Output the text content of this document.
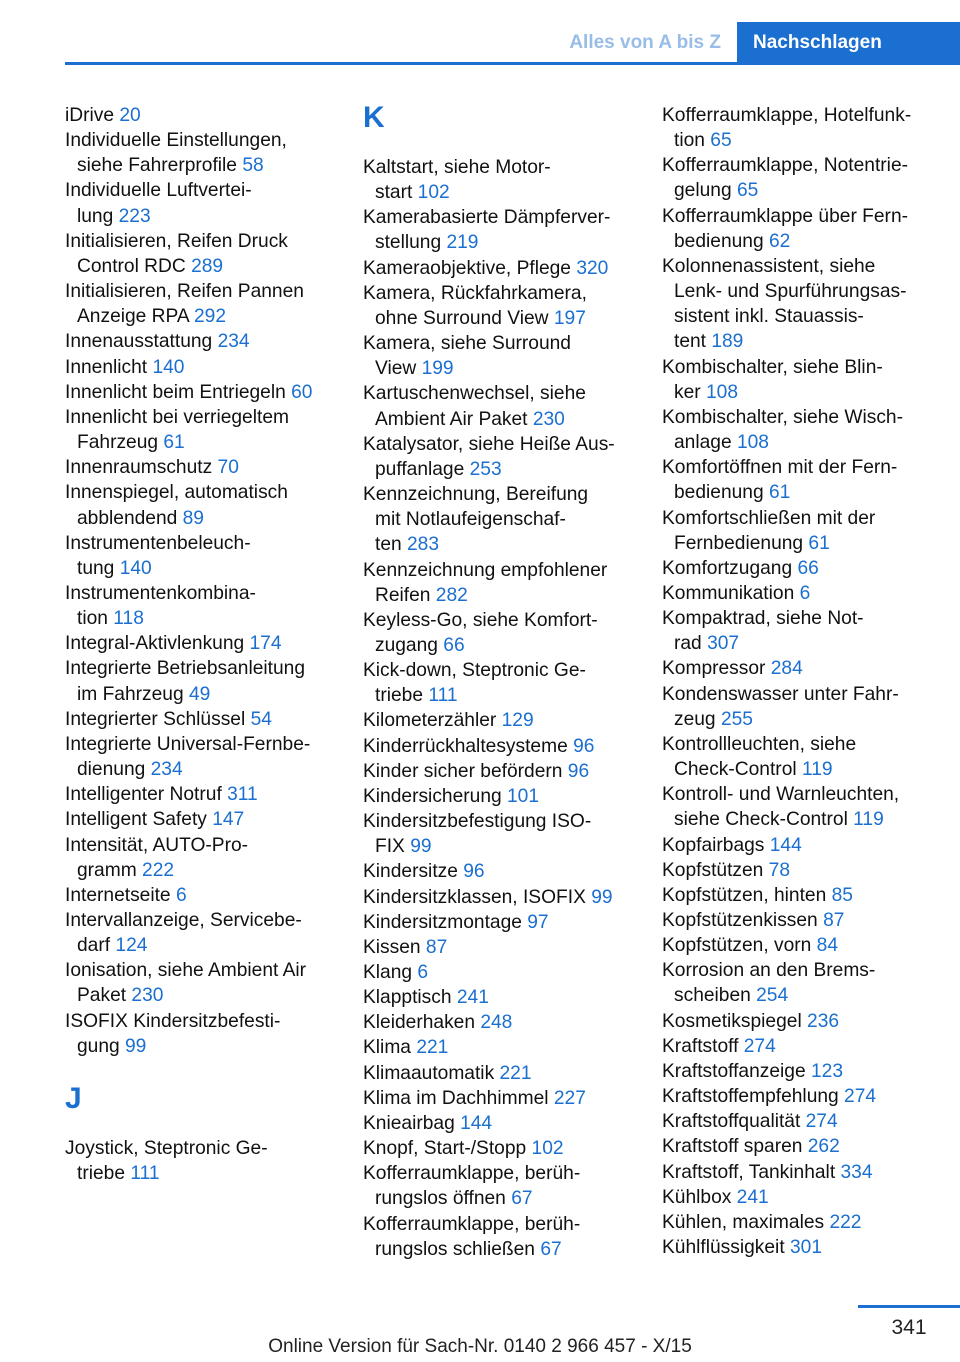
Alles von A bis Z	Nachschlagen
iDrive 20
Individuelle Einstellungen,
siehe Fahrerprofile 58
Individuelle Luftvertei-
lung 223
Initialisieren, Reifen Druck
Control RDC 289
Initialisieren, Reifen Pannen
Anzeige RPA 292
Innenausstattung 234
Innenlicht 140
Innenlicht beim Entriegeln 60
Innenlicht bei verriegeltem
Fahrzeug 61
Innenraumschutz 70
Innenspiegel, automatisch
abblendend 89
Instrumentenbeleuch-
tung 140
Instrumentenkombina-
tion 118
Integral-Aktivlenkung 174
Integrierte Betriebsanleitung
im Fahrzeug 49
Integrierter Schlüssel 54
Integrierte Universal-Fernbe-
dienung 234
Intelligenter Notruf 311
Intelligent Safety 147
Intensität, AUTO-Pro-
gramm 222
Internetseite 6
Intervallanzeige, Servicebe-
darf 124
Ionisation, siehe Ambient Air
Paket 230
ISOFIX Kindersitzbefesti-
gung 99
J
Joystick, Steptronic Ge-
triebe 111
K
Kaltstart, siehe Motor-
start 102
Kamerabasierte Dämpferver-
stellung 219
Kameraobjektive, Pflege 320
Kamera, Rückfahrkamera,
ohne Surround View 197
Kamera, siehe Surround
View 199
Kartuschenwechsel, siehe
Ambient Air Paket 230
Katalysator, siehe Heiße Aus-
puffanlage 253
Kennzeichnung, Bereifung
mit Notlaufeigenschaf-
ten 283
Kennzeichnung empfohlener
Reifen 282
Keyless-Go, siehe Komfort-
zugang 66
Kick-down, Steptronic Ge-
triebe 111
Kilometerzähler 129
Kinderrückhaltesysteme 96
Kinder sicher befördern 96
Kindersicherung 101
Kindersitzbefestigung ISO-
FIX 99
Kindersitze 96
Kindersitzklassen, ISOFIX 99
Kindersitzmontage 97
Kissen 87
Klang 6
Klapptisch 241
Kleiderhaken 248
Klima 221
Klimaautomatik 221
Klima im Dachhimmel 227
Knieairbag 144
Knopf, Start-/Stopp 102
Kofferraumklappe, berüh-
rungslos öffnen 67
Kofferraumklappe, berüh-
rungslos schließen 67
Kofferraumklappe, Hotelfunk-
tion 65
Kofferraumklappe, Notentrie-
gelung 65
Kofferraumklappe über Fern-
bedienung 62
Kolonnenassistent, siehe
Lenk- und Spurführungsas-
sistent inkl. Stauassis-
tent 189
Kombischalter, siehe Blin-
ker 108
Kombischalter, siehe Wisch-
anlage 108
Komfortöffnen mit der Fern-
bedienung 61
Komfortschließen mit der
Fernbedienung 61
Komfortzugang 66
Kommunikation 6
Kompaktrad, siehe Not-
rad 307
Kompressor 284
Kondenswasser unter Fahr-
zeug 255
Kontrollleuchten, siehe
Check-Control 119
Kontroll- und Warnleuchten,
siehe Check-Control 119
Kopfairbags 144
Kopfstützen 78
Kopfstützen, hinten 85
Kopfstützenkissen 87
Kopfstützen, vorn 84
Korrosion an den Brems-
scheiben 254
Kosmetikspiegel 236
Kraftstoff 274
Kraftstoffanzeige 123
Kraftstoffempfehlung 274
Kraftstoffqualität 274
Kraftstoff sparen 262
Kraftstoff, Tankinhalt 334
Kühlbox 241
Kühlen, maximales 222
Kühlflüssigkeit 301
341
Online Version für Sach-Nr. 0140 2 966 457 - X/15
